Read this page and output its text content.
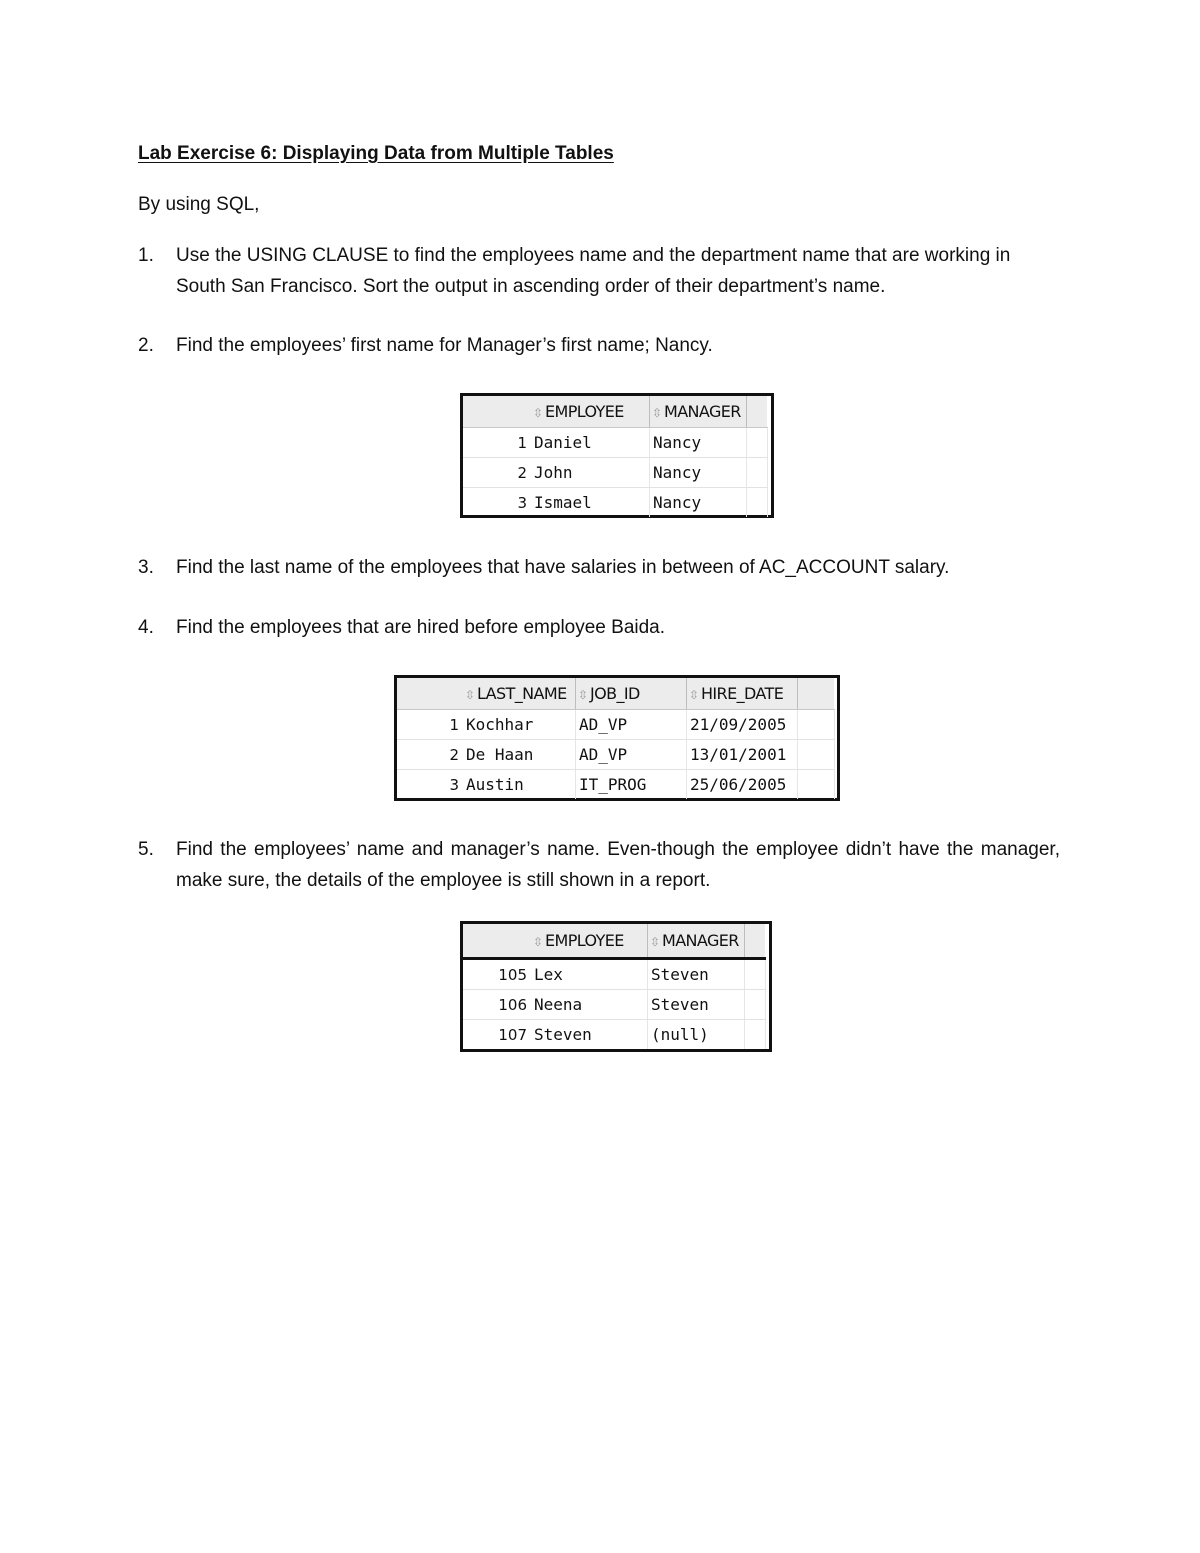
Lab Exercise 6: Displaying Data from Multiple Tables
By using SQL,
1. Use the USING CLAUSE to find the employees name and the department name that are working in South San Francisco. Sort the output in ascending order of their department’s name.
2. Find the employees’ first name for Manager’s first name; Nancy.
	⇳ EMPLOYEE	⇳ MANAGER	
1	Daniel	Nancy	
2	John	Nancy	
3	Ismael	Nancy	
3. Find the last name of the employees that have salaries in between of AC_ACCOUNT salary.
4. Find the employees that are hired before employee Baida.
	⇳ LAST_NAME	⇳ JOB_ID	⇳ HIRE_DATE	
1	Kochhar	AD_VP	21/09/2005	
2	De Haan	AD_VP	13/01/2001	
3	Austin	IT_PROG	25/06/2005	
5. Find the employees’ name and manager’s name. Even-though the employee didn’t have the manager, make sure, the details of the employee is still shown in a report.
	⇳ EMPLOYEE	⇳ MANAGER	
105	Lex	Steven	
106	Neena	Steven	
107	Steven	(null)	
